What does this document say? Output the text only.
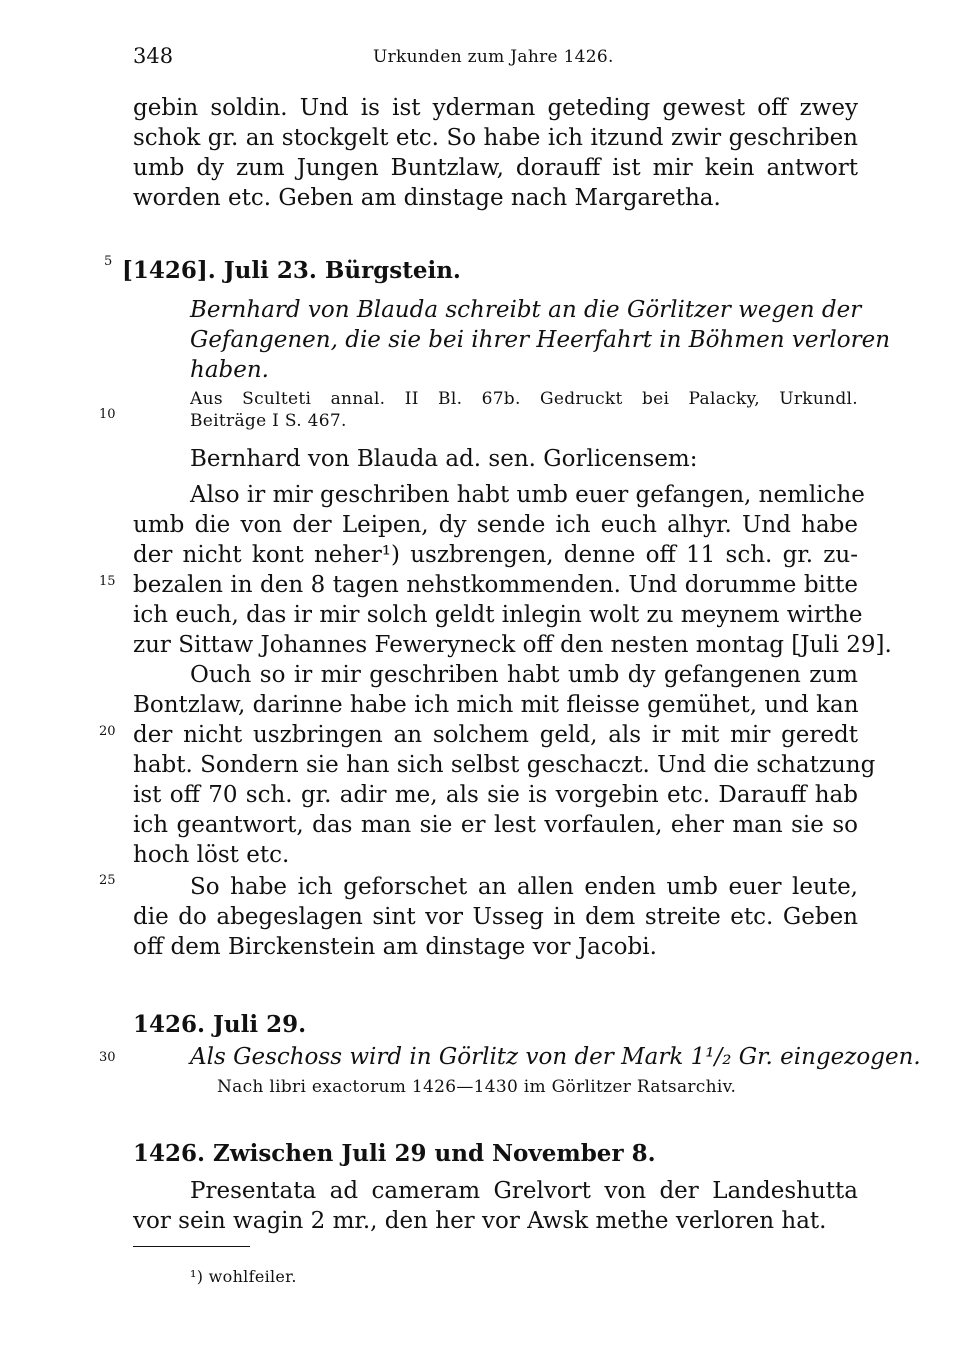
348	Urkunden zum Jahre 1426.
gebin soldin. Und is ist yderman geteding gewest off zwey
schok gr. an stockgelt etc. So habe ich itzund zwir geschriben
umb dy zum Jungen Buntzlaw, dorauff ist mir kein antwort
worden etc. Geben am dinstage nach Margaretha.
5
10
15
20
25
30
[1426]. Juli 23. Bürgstein.
Bernhard von Blauda schreibt an die Görlitzer wegen der
Gefangenen, die sie bei ihrer Heerfahrt in Böhmen verloren
haben.
Aus Sculteti annal. II Bl. 67b. Gedruckt bei Palacky, Urkundl.
Beiträge I S. 467.
Bernhard von Blauda ad. sen. Gorlicensem:
Also ir mir geschriben habt umb euer gefangen, nemliche
umb die von der Leipen, dy sende ich euch alhyr. Und habe
der nicht kont neher¹) uszbrengen, denne off 11 sch. gr. zu-
bezalen in den 8 tagen nehstkommenden. Und dorumme bitte
ich euch, das ir mir solch geldt inlegin wolt zu meynem wirthe
zur Sittaw Johannes Feweryneck off den nesten montag [Juli 29].
Ouch so ir mir geschriben habt umb dy gefangenen zum
Bontzlaw, darinne habe ich mich mit fleisse gemühet, und kan
der nicht uszbringen an solchem geld, als ir mit mir geredt
habt. Sondern sie han sich selbst geschaczt. Und die schatzung
ist off 70 sch. gr. adir me, als sie is vorgebin etc. Darauff hab
ich geantwort, das man sie er lest vorfaulen, eher man sie so
hoch löst etc.
So habe ich geforschet an allen enden umb euer leute,
die do abegeslagen sint vor Usseg in dem streite etc. Geben
off dem Birckenstein am dinstage vor Jacobi.
1426. Juli 29.
Als Geschoss wird in Görlitz von der Mark 1¹/₂ Gr. eingezogen.
Nach libri exactorum 1426—1430 im Görlitzer Ratsarchiv.
1426. Zwischen Juli 29 und November 8.
Presentata ad cameram Grelvort von der Landeshutta
vor sein wagin 2 mr., den her vor Awsk methe verloren hat.
¹) wohlfeiler.
